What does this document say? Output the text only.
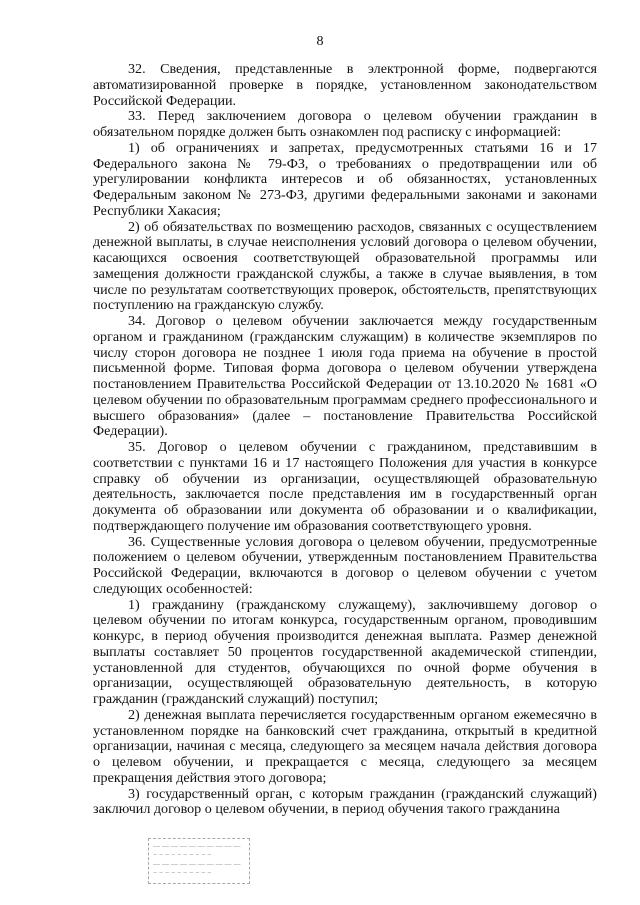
8

32. Сведения, представленные в электронной форме, подвергаются автоматизированной проверке в порядке, установленном законодательством Российской Федерации.

33. Перед заключением договора о целевом обучении гражданин в обязательном порядке должен быть ознакомлен под расписку с информацией:

1) об ограничениях и запретах, предусмотренных статьями 16 и 17 Федерального закона № 79-ФЗ, о требованиях о предотвращении или об урегулировании конфликта интересов и об обязанностях, установленных Федеральным законом № 273-ФЗ, другими федеральными законами и законами Республики Хакасия;

2) об обязательствах по возмещению расходов, связанных с осуществлением денежной выплаты, в случае неисполнения условий договора о целевом обучении, касающихся освоения соответствующей образовательной программы или замещения должности гражданской службы, а также в случае выявления, в том числе по результатам соответствующих проверок, обстоятельств, препятствующих поступлению на гражданскую службу.

34. Договор о целевом обучении заключается между государственным органом и гражданином (гражданским служащим) в количестве экземпляров по числу сторон договора не позднее 1 июля года приема на обучение в простой письменной форме. Типовая форма договора о целевом обучении утверждена постановлением Правительства Российской Федерации от 13.10.2020 № 1681 «О целевом обучении по образовательным программам среднего профессионального и высшего образования» (далее – постановление Правительства Российской Федерации).

35. Договор о целевом обучении с гражданином, представившим в соответствии с пунктами 16 и 17 настоящего Положения для участия в конкурсе справку об обучении из организации, осуществляющей образовательную деятельность, заключается после представления им в государственный орган документа об образовании или документа об образовании и о квалификации, подтверждающего получение им образования соответствующего уровня.

36. Существенные условия договора о целевом обучении, предусмотренные положением о целевом обучении, утвержденным постановлением Правительства Российской Федерации, включаются в договор о целевом обучении с учетом следующих особенностей:

1) гражданину (гражданскому служащему), заключившему договор о целевом обучении по итогам конкурса, государственным органом, проводившим конкурс, в период обучения производится денежная выплата. Размер денежной выплаты составляет 50 процентов государственной академической стипендии, установленной для студентов, обучающихся по очной форме обучения в организации, осуществляющей образовательную деятельность, в которую гражданин (гражданский служащий) поступил;

2) денежная выплата перечисляется государственным органом ежемесячно в установленном порядке на банковский счет гражданина, открытый в кредитной организации, начиная с месяца, следующего за месяцем начала действия договора о целевом обучении, и прекращается с месяца, следующего за месяцем прекращения действия этого договора;

3) государственный орган, с которым гражданин (гражданский служащий) заключил договор о целевом обучении, в период обучения такого гражданина

— — — — — — — — — —
~ ~ ~ ~ ~ ~ ~ ~ ~ ~
— — — — — — — — — —
~ ~ ~ ~ ~ ~ ~ ~ ~ ~
